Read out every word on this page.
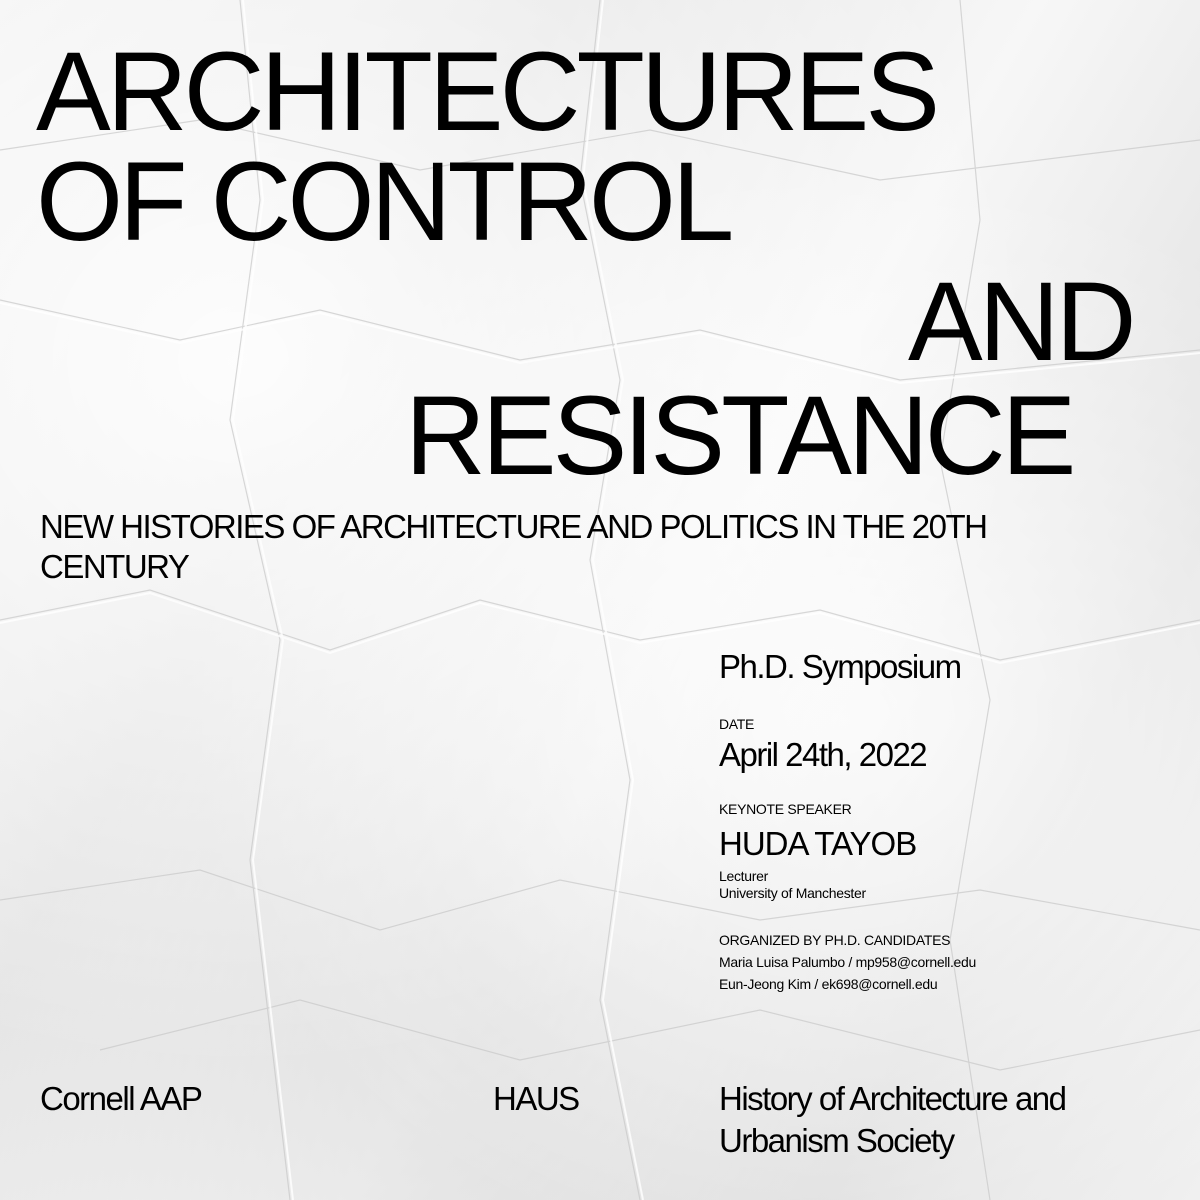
ARCHITECTURES
OF CONTROL
AND
RESISTANCE

NEW HISTORIES OF ARCHITECTURE AND POLITICS IN THE 20TH CENTURY

Ph.D. Symposium
DATE
April 24th, 2022
KEYNOTE SPEAKER
HUDA TAYOB
Lecturer
University of Manchester
ORGANIZED BY PH.D. CANDIDATES
Maria Luisa Palumbo / mp958@cornell.edu
Eun-Jeong Kim / ek698@cornell.edu
Cornell AAP	HAUS	History of Architecture and Urbanism Society
